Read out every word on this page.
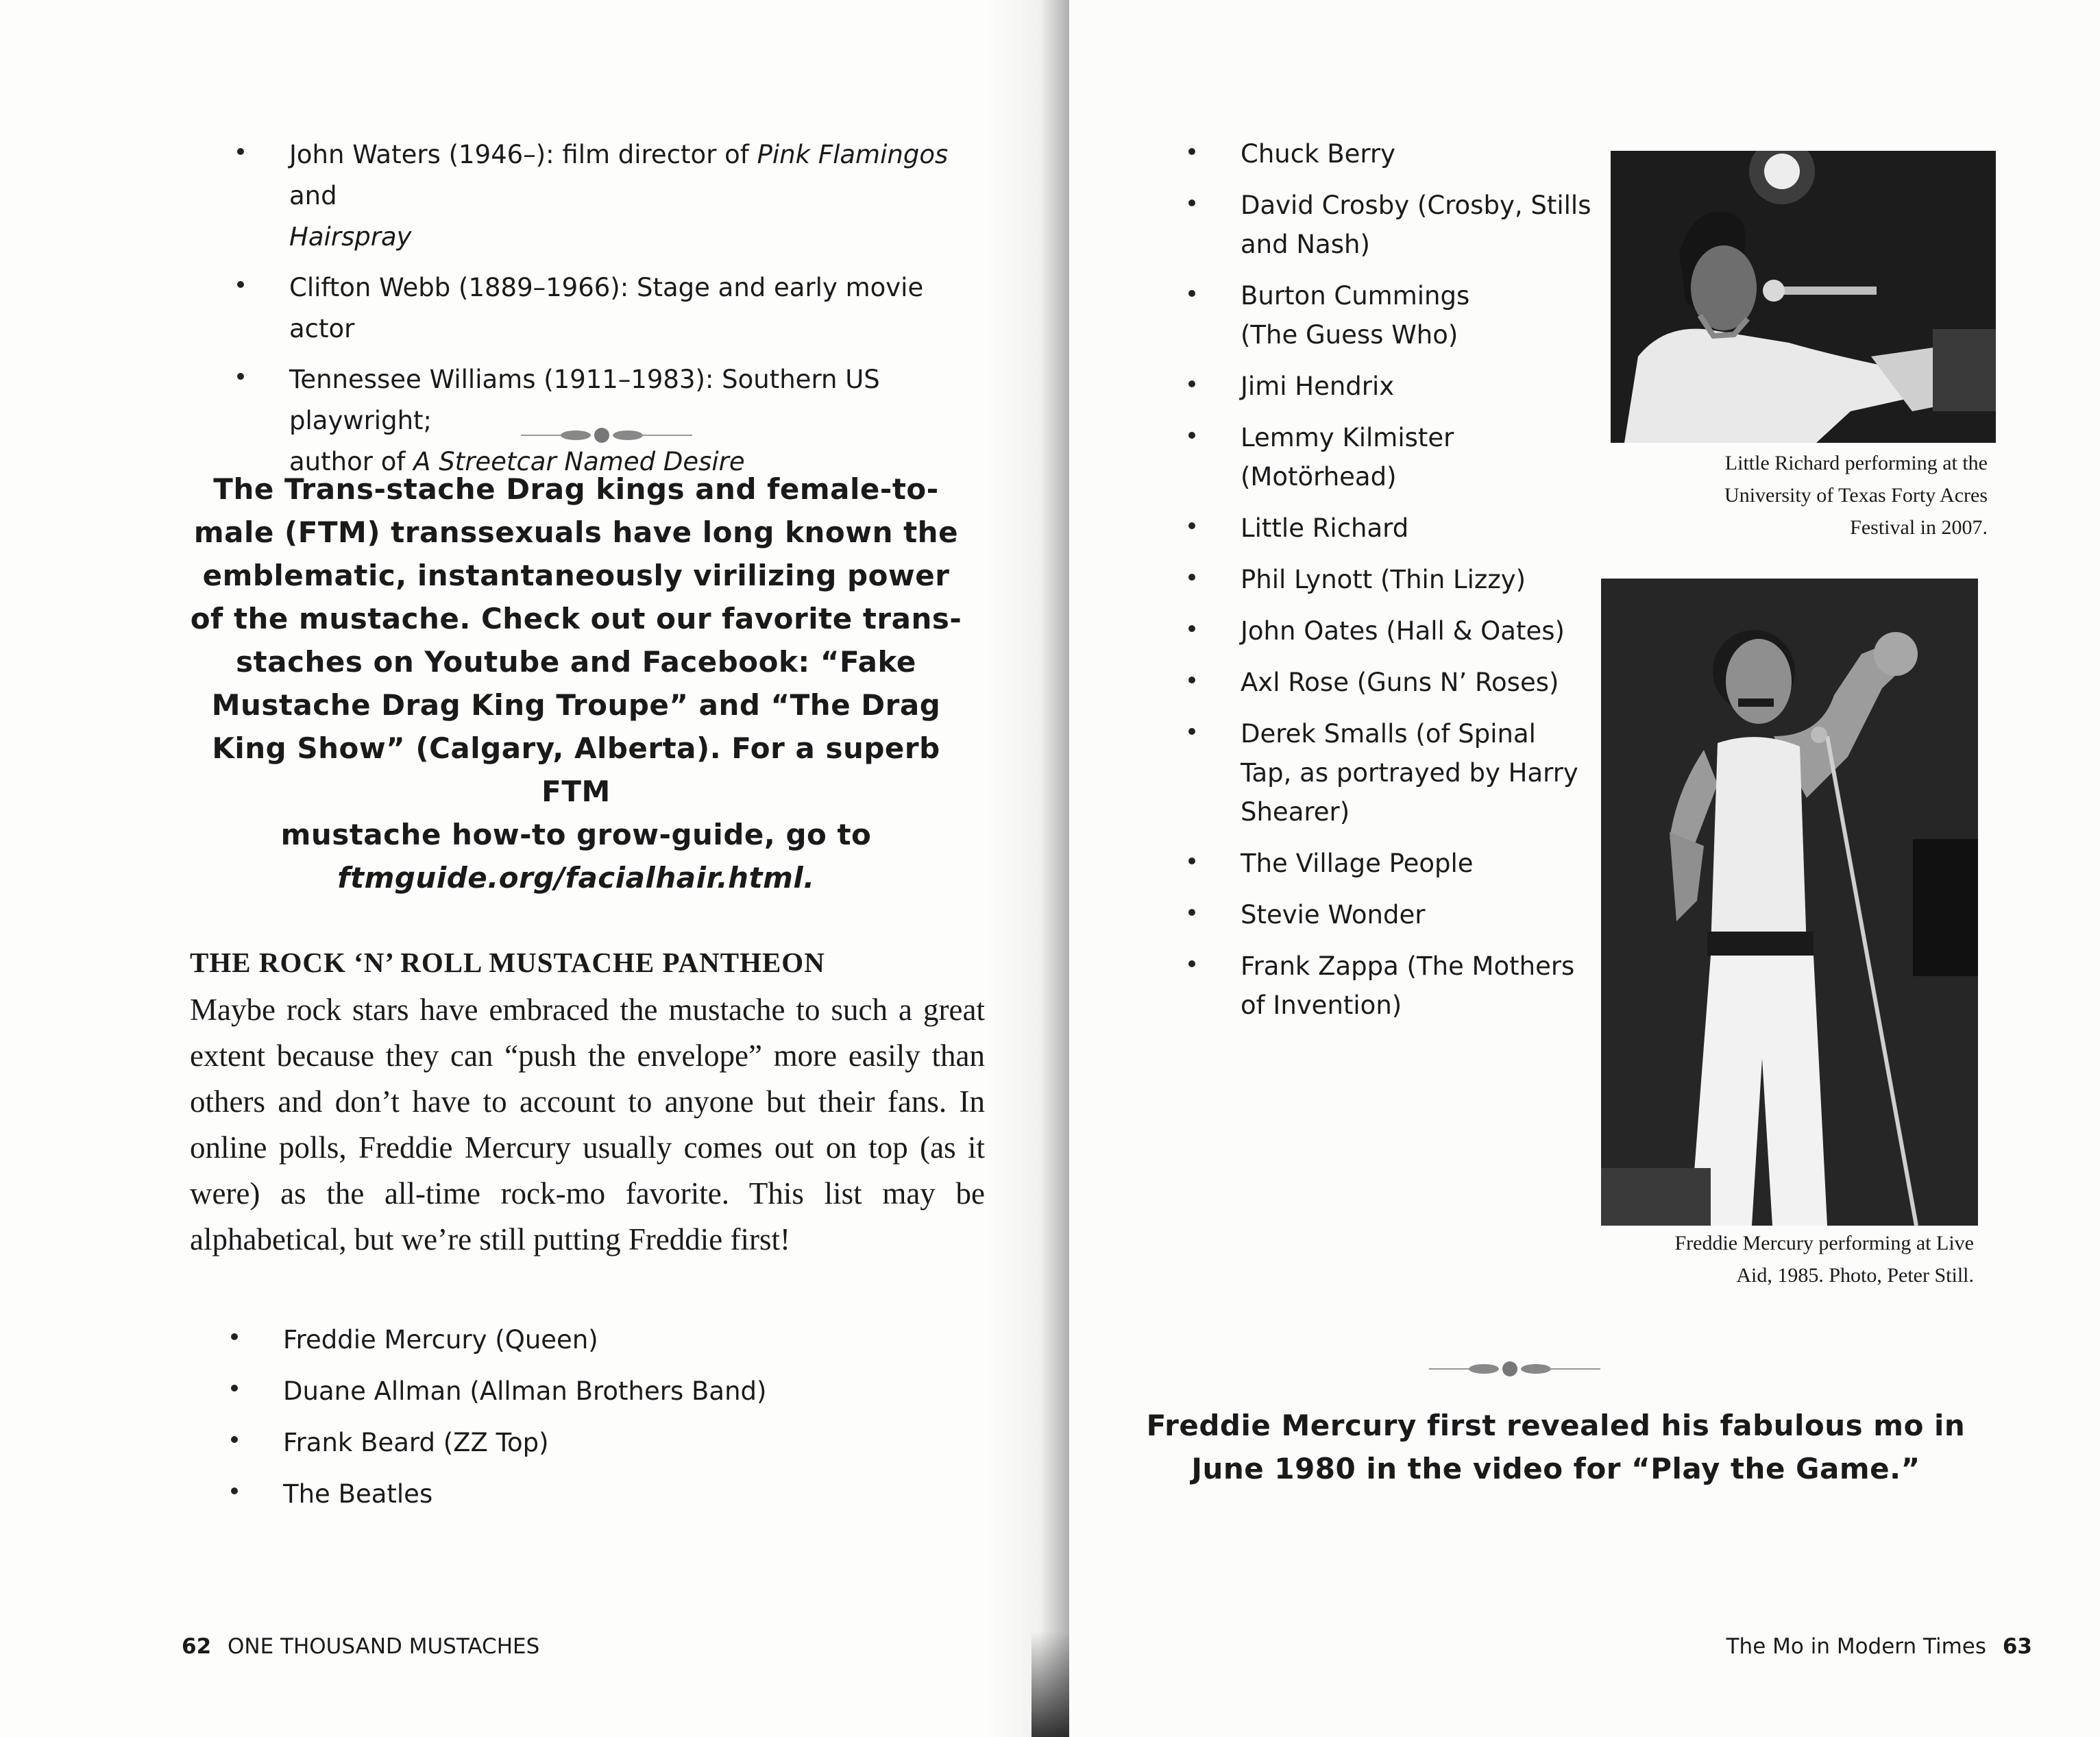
John Waters (1946–): film director of Pink Flamingos and
Hairspray
Clifton Webb (1889–1966): Stage and early movie actor
Tennessee Williams (1911–1983): Southern US playwright;
author of A Streetcar Named Desire
The Trans-stache Drag kings and female-to-
male (FTM) transsexuals have long known the
emblematic, instantaneously virilizing power
of the mustache. Check out our favorite trans-
staches on Youtube and Facebook: “Fake
Mustache Drag King Troupe” and “The Drag
King Show” (Calgary, Alberta). For a superb FTM
mustache how-to grow-guide, go to
ftmguide.org/facialhair.html.
THE ROCK ‘N’ ROLL MUSTACHE PANTHEON
Maybe rock stars have embraced the mustache to such a great extent because they can “push the envelope” more easily than others and don’t have to account to anyone but their fans. In online polls, Freddie Mercury usually comes out on top (as it were) as the all-time rock-mo favorite. This list may be alphabetical, but we’re still putting Freddie first!
Freddie Mercury (Queen)
Duane Allman (Allman Brothers Band)
Frank Beard (ZZ Top)
The Beatles
62 ONE THOUSAND MUSTACHES
Chuck Berry
David Crosby (Crosby, Stills
and Nash)
Burton Cummings
(The Guess Who)
Jimi Hendrix
Lemmy Kilmister
(Motörhead)
Little Richard
Phil Lynott (Thin Lizzy)
John Oates (Hall & Oates)
Axl Rose (Guns N’ Roses)
Derek Smalls (of Spinal
Tap, as portrayed by Harry
Shearer)
The Village People
Stevie Wonder
Frank Zappa (The Mothers
of Invention)
Little Richard performing at the
University of Texas Forty Acres
Festival in 2007.
Freddie Mercury performing at Live
Aid, 1985. Photo, Peter Still.
Freddie Mercury first revealed his fabulous mo in
June 1980 in the video for “Play the Game.”
The Mo in Modern Times 63
